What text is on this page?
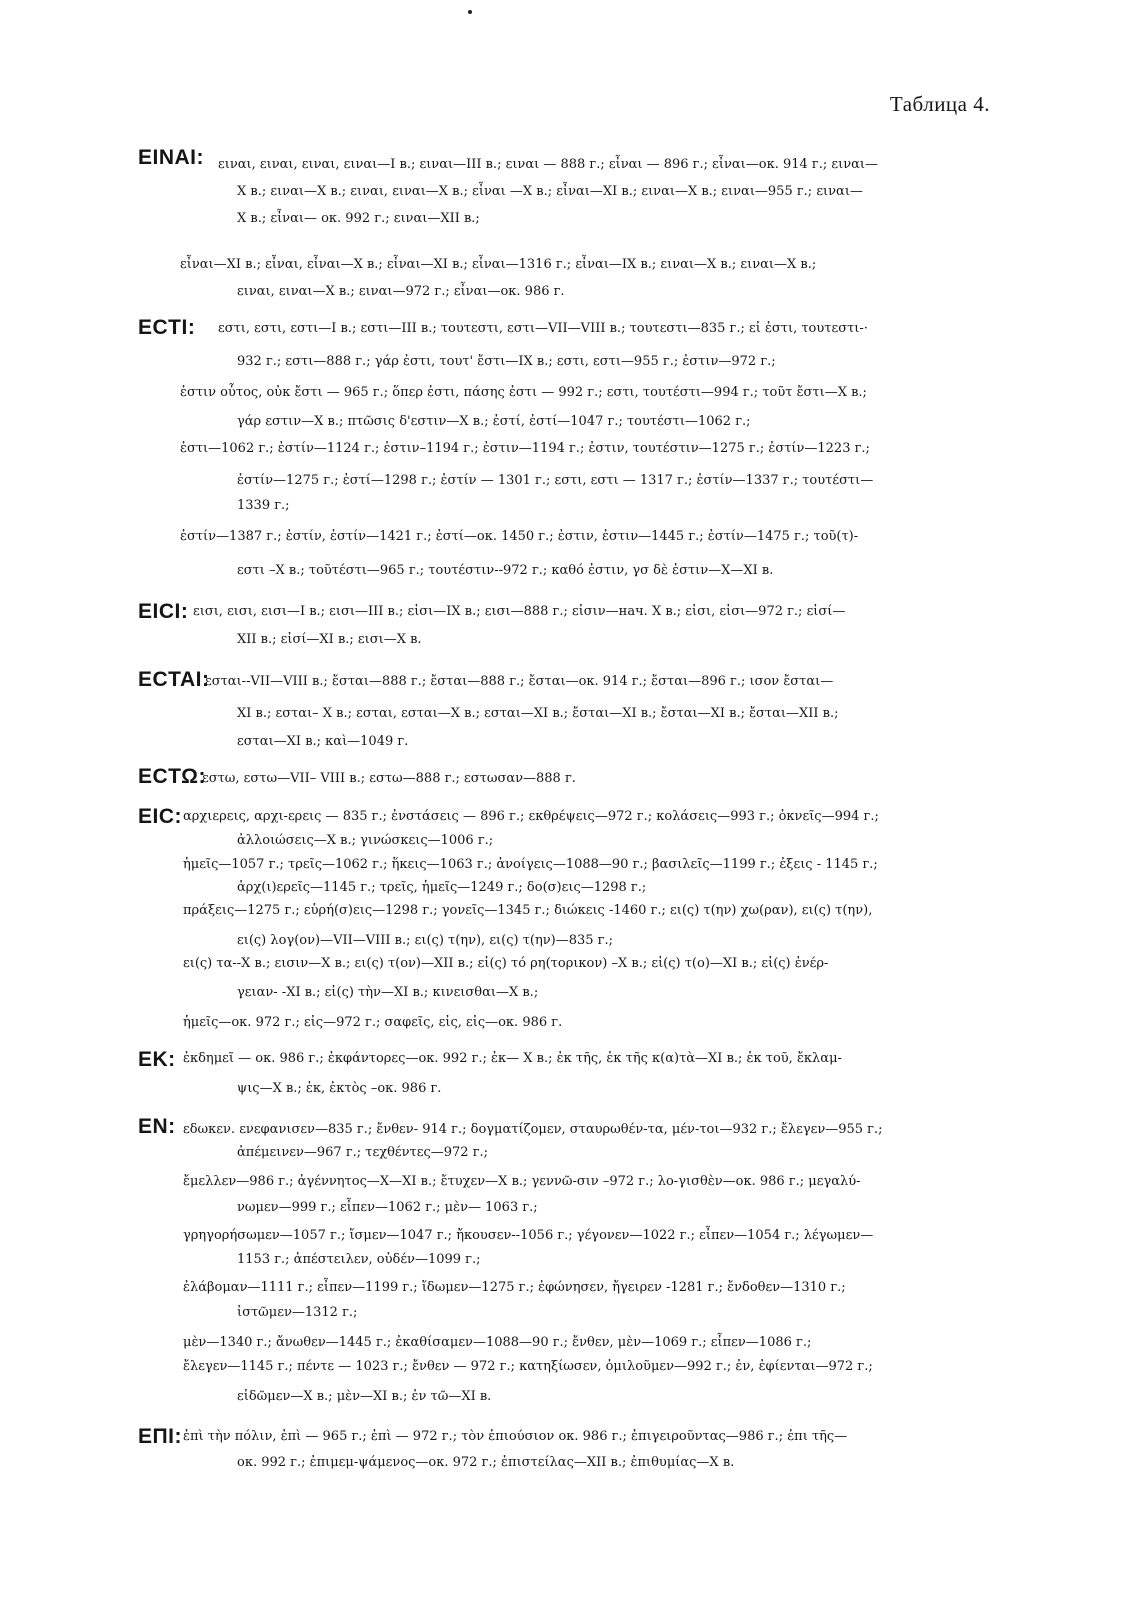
Таблица 4.
ΕΙΝΑΙ: ειναι, ειναι, ειναι, ειναι—I в.; ειναι—III в.; ειναι — 888 г.; εἶναι — 896 г.; εἶναι—ок. 914 г.; ειναι—
X в.; ειναι—X в.; ειναι, ειναι—X в.; εἶναι —X в.; εἶναι—XI в.; ειναι—X в.; ειναι—955 г.; ειναι—
X в.; εἶναι— ок. 992 г.; ειναι—XII в.;
εἶναι—XI в.; εἶναι, εἶναι—X в.; εἶναι—XI в.; εἶναι—1316 г.; εἶναι—IX в.; ειναι—X в.; ειναι—X в.;
ειναι, ειναι—X в.; ειναι—972 г.; εἶναι—ок. 986 г.
ΕCΤΙ: εστι, εστι, εστι—I в.; εστι—III в.; τουτεστι, εστι—VII—VIII в.; τουτεστι—835 г.; εἰ ἐστι, τουτεστι-·
932 г.; εστι—888 г.; γάρ ἐστι, τουτ' ἔστι—IX в.; εστι, εστι—955 г.; ἐστιν—972 г.;
ἐστιν οὗτος, οὐκ ἔστι — 965 г.; ὅπερ ἐστι, πάσης ἐστι — 992 г.; εστι, τουτέστι—994 г.; τοῦτ ἔστι—X в.;
γάρ εστιν—X в.; πτῶσις δ'εστιν—X в.; ἐστί, ἐστί—1047 г.; τουτέστι—1062 г.;
ἐστι—1062 г.; ἐστίν—1124 г.; ἐστιν–1194 г.; ἐστιν—1194 г.; ἐστιν, τουτέστιν—1275 г.; ἐστίν—1223 г.;
ἐστίν—1275 г.; ἐστί—1298 г.; ἐστίν — 1301 г.; εστι, εστι — 1317 г.; ἐστίν—1337 г.; τουτέστι—
1339 г.;
ἐστίν—1387 г.; ἐστίν, ἐστίν—1421 г.; ἐστί—ок. 1450 г.; ἐστιν, ἐστιν—1445 г.; ἐστίν—1475 г.; τοῦ(τ)-
εστι –X в.; τοῦτέστι—965 г.; τουτέστιν--972 г.; καθό ἐστιν, γσ δὲ ἐστιν—X—XI в.
ΕΙCΙ: εισι, εισι, εισι—I в.; εισι—III в.; εἰσι—IX в.; εισι—888 г.; εἰσιν—нач. X в.; εἰσι, εἰσι—972 г.; εἰσί—
XII в.; εἰσί—XI в.; εισι—X в.
ΕCΤΑΙ:
εσται--VII—VIII в.; ἔσται—888 г.; ἔσται—888 г.; ἔσται—ок. 914 г.; ἔσται—896 г.; ισον ἔσται—
XI в.; εσται– X в.; εσται, εσται—X в.; εσται—XI в.; ἔσται—XI в.; ἔσται—XI в.; ἔσται—XII в.;
εσται—XI в.; καὶ—1049 г.
ΕCΤΩ:
εστω, εστω—VII– VIII в.; εστω—888 г.; εστωσαν—888 г.
ΕΙC: αρχιερεις, αρχι-ερεις — 835 г.; ἐνστάσεις — 896 г.; εκθρέψεις—972 г.; κολάσεις—993 г.; ὀκνεῖς—994 г.;
ἀλλοιώσεις—X в.; γινώσκεις—1006 г.;
ἡμεῖς—1057 г.; τρεῖς—1062 г.; ἥκεις—1063 г.; ἀνοίγεις—1088—90 г.; βασιλεῖς—1199 г.; ἐξεις - 1145 г.;
ἀρχ(ι)ερεῖς—1145 г.; τρεῖς, ἡμεῖς—1249 г.; δο(σ)εις—1298 г.;
πράξεις—1275 г.; εὑρή(σ)εις—1298 г.; γονεῖς—1345 г.; διώκεις -1460 г.; ει(ς) τ(ην) χω(ραν), ει(ς) τ(ην),
ει(ς) λογ(ον)—VII—VIII в.; ει(ς) τ(ην), ει(ς) τ(ην)—835 г.;
ει(ς) τα--X в.; εισιν—X в.; ει(ς) τ(ον)—XII в.; εἰ(ς) τό ρη(τορικον) –X в.; εἰ(ς) τ(ο)—XI в.; εἰ(ς) ἐνέρ-
γειαν- -XI в.; εἰ(ς) τὴν—XI в.; κινεισθαι—X в.;
ἡμεῖς—ок. 972 г.; εἰς—972 г.; σαφεῖς, εἰς, εἰς—ок. 986 г.
ΕΚ: ἐκδημεῖ — ок. 986 г.; ἐκφάντορες—ок. 992 г.; ἐκ— X в.; ἐκ τῆς, ἐκ τῆς κ(α)τὰ—XI в.; ἐκ τοῦ, ἔκλαμ-
ψις—X в.; ἐκ, ἐκτὸς –ок. 986 г.
ΕΝ: εδωκεν. ενεφανισεν—835 г.; ἔνθεν- 914 г.; δογματίζομεν, σταυρωθέν-τα, μέν-τοι—932 г.; ἔλεγεν—955 г.;
ἀπέμεινεν—967 г.; τεχθέντες—972 г.;
ἔμελλεν—986 г.; ἀγέννητος—X—XI в.; ἔτυχεν—X в.; γεννῶ-σιν –972 г.; λο-γισθὲν—ок. 986 г.; μεγαλύ-
νωμεν—999 г.; εἶπεν—1062 г.; μὲν— 1063 г.;
γρηγορήσωμεν—1057 г.; ἴσμεν—1047 г.; ἤκουσεν--1056 г.; γέγονεν—1022 г.; εἶπεν—1054 г.; λέγωμεν—
1153 г.; ἀπέστειλεν, οὐδέν—1099 г.;
ἐλάβομαν—1111 г.; εἶπεν—1199 г.; ἴδωμεν—1275 г.; ἐφώνησεν, ἤγειρεν -1281 г.; ἔνδοθεν—1310 г.;
ἰστῶμεν—1312 г.;
μὲν—1340 г.; ἄνωθεν—1445 г.; ἐκαθίσαμεν—1088—90 г.; ἔνθεν, μὲν—1069 г.; εἶπεν—1086 г.;
ἔλεγεν—1145 г.; πέντε — 1023 г.; ἔνθεν — 972 г.; κατηξίωσεν, ὁμιλοῦμεν—992 г.; ἐν, ἐφίενται—972 г.;
εἰδῶμεν—X в.; μὲν—XI в.; ἐν τῶ—XI в.
ΕΠΙ: ἐπὶ τὴν πόλιν, ἐπὶ — 965 г.; ἐπὶ — 972 г.; τὸν ἐπιούσιον ок. 986 г.; ἐπιγειροῦντας—986 г.; ἐπι τῆς—
ок. 992 г.; ἐπιμεμ-ψάμενος—ок. 972 г.; ἐπιστείλας—XII в.; ἐπιθυμίας—X в.
